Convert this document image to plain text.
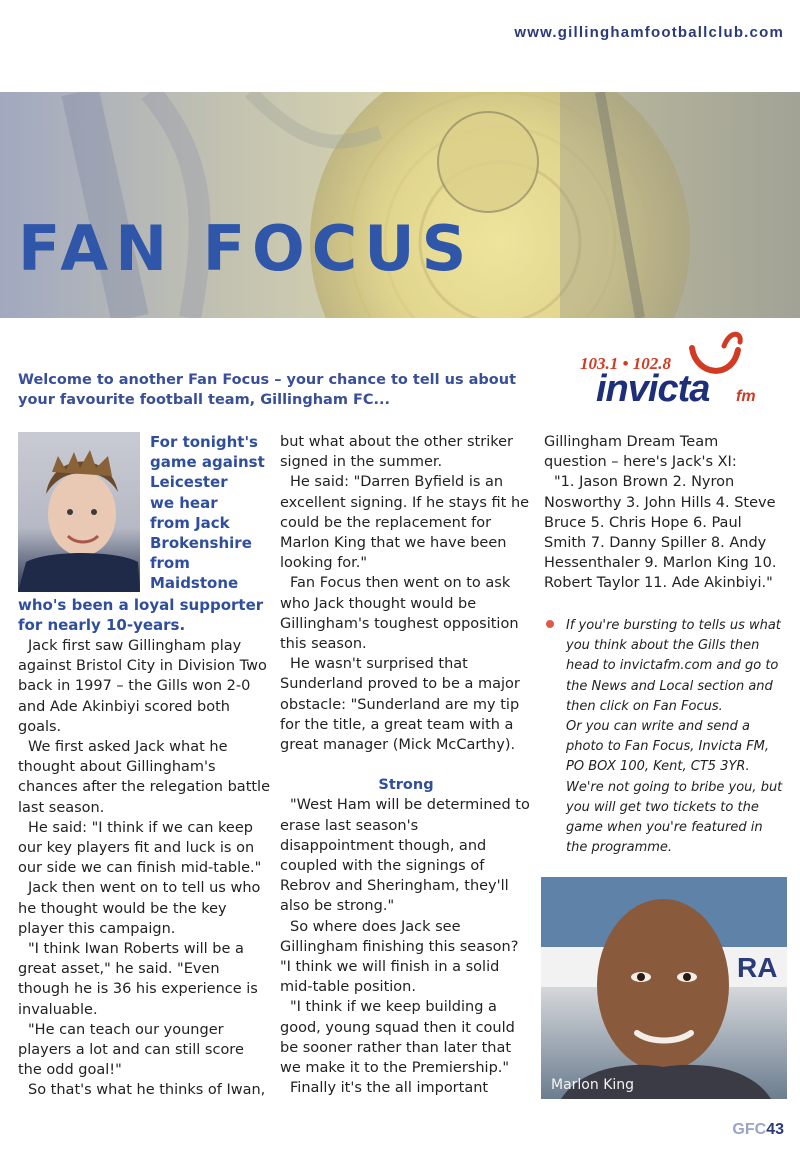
www.gillinghamfootballclub.com
FAN FOCUS
Welcome to another Fan Focus – your chance to tell us about your favourite football team, Gillingham FC...
103.1 • 102.8
invicta fm
For tonight's
game against
Leicester
we hear
from Jack
Brokenshire
from
Maidstone
who's been a loyal supporter
for nearly 10-years.

Jack first saw Gillingham play against Bristol City in Division Two back in 1997 – the Gills won 2-0 and Ade Akinbiyi scored both goals.

We first asked Jack what he thought about Gillingham's chances after the relegation battle last season.

He said: "I think if we can keep our key players fit and luck is on our side we can finish mid-table."

Jack then went on to tell us who he thought would be the key player this campaign.

"I think Iwan Roberts will be a great asset," he said. "Even though he is 36 his experience is invaluable.

"He can teach our younger players a lot and can still score the odd goal!"

So that's what he thinks of Iwan,

but what about the other striker signed in the summer.

He said: "Darren Byfield is an excellent signing. If he stays fit he could be the replacement for Marlon King that we have been looking for."

Fan Focus then went on to ask who Jack thought would be Gillingham's toughest opposition this season.

He wasn't surprised that Sunderland proved to be a major obstacle: "Sunderland are my tip for the title, a great team with a great manager (Mick McCarthy).

Strong

"West Ham will be determined to erase last season's disappointment though, and coupled with the signings of Rebrov and Sheringham, they'll also be strong."

So where does Jack see Gillingham finishing this season? "I think we will finish in a solid mid-table position.

"I think if we keep building a good, young squad then it could be sooner rather than later that we make it to the Premiership."

Finally it's the all important

Gillingham Dream Team question – here's Jack's XI:

"1. Jason Brown 2. Nyron Nosworthy 3. John Hills 4. Steve Bruce 5. Chris Hope 6. Paul Smith 7. Danny Spiller 8. Andy Hessenthaler 9. Marlon King 10. Robert Taylor 11. Ade Akinbiyi."

If you're bursting to tells us what you think about the Gills then head to invictafm.com and go to the News and Local section and then click on Fan Focus.

Or you can write and send a photo to Fan Focus, Invicta FM, PO BOX 100, Kent, CT5 3YR.

We're not going to bribe you, but you will get two tickets to the game when you're featured in the programme.

RA
Marlon King
GFC43
